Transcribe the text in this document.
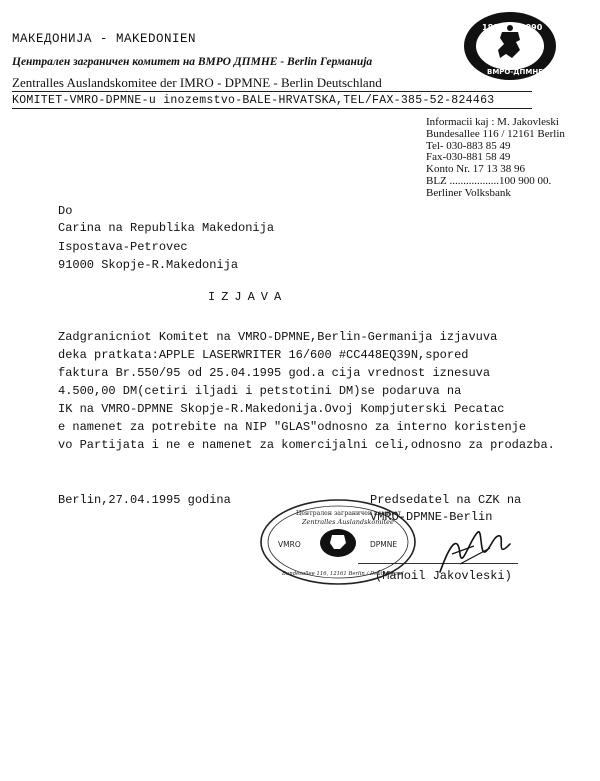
МАКЕДОНИЈА - MAKEDONIEN
Централен заграничен комитет на ВМРО ДПМНЕ - Berlin Германија
Zentralles Auslandskomitee der IMRO - DPMNE - Berlin Deutschland
KOMITET-VMRO-DPMNE-u inozemstvo-BALE-HRVATSKA,TEL/FAX-385-52-824463
1893 1990
ВМРО-ДПМНЕ
Informacii kaj : M. Jakovleski
Bundesallee 116 / 12161 Berlin
Tel- 030-883 85 49
Fax-030-881 58 49
Konto Nr. 17 13 38 96
BLZ ..................100 900 00.
Berliner Volksbank
Do
Carina na Republika Makedonija
Ispostava-Petrovec
91000 Skopje-R.Makedonija
IZJAVA
Zadgranicniot Komitet na VMRO-DPMNE,Berlin-Germanija izjavuva
deka pratkata:APPLE LASERWRITER 16/600 #CC448EQ39N,spored
faktura Br.550/95 od 25.04.1995 god.a cija vrednost iznesuva
4.500,00 DM(cetiri iljadi i petstotini DM)se podaruva na
IK na VMRO-DPMNE Skopje-R.Makedonija.Ovoj Kompjuterski Pecatac
e namenet za potrebite na NIP "GLAS"odnosno za interno koristenje
vo Partijata i ne e namenet za komercijalni celi,odnosno za prodazba.
Berlin,27.04.1995 godina	Predsedatel na CZK na
VMRO-DPMNE-Berlin
(Manoil Jakovleski)
Централен заграничен комитет
Zentralles Auslandskomitee
VMRO	DPMNE
Bundesallee 116, 12161 Berlin / Deutschland
